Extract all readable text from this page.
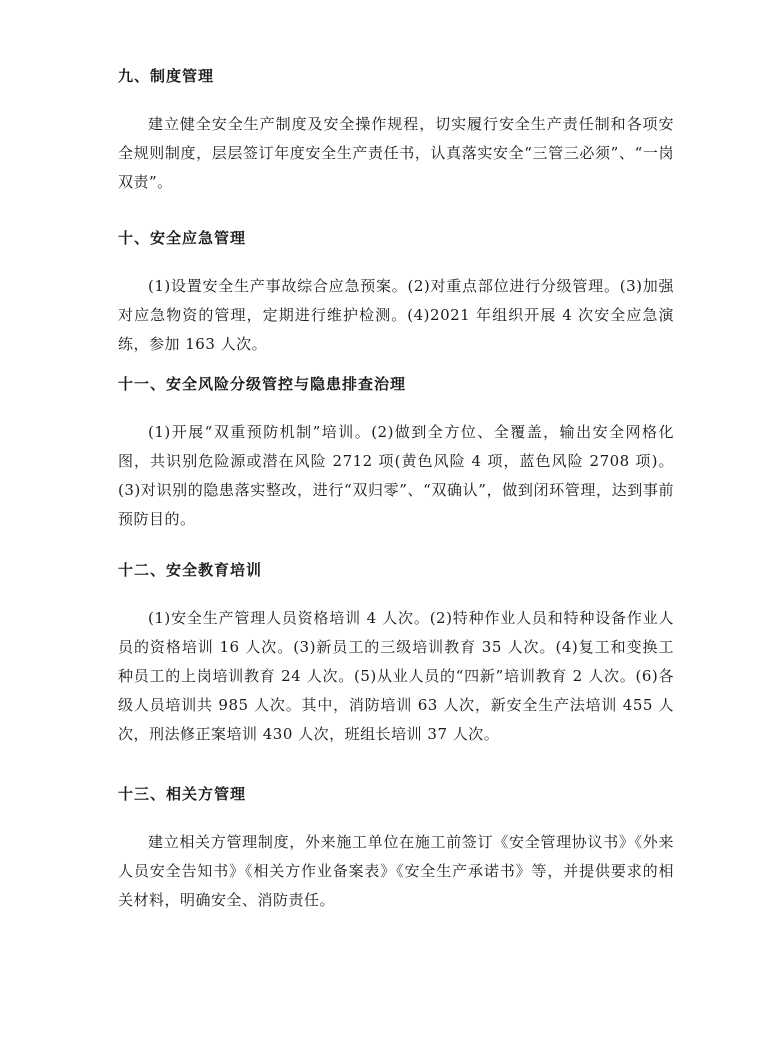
九、制度管理

建立健全安全生产制度及安全操作规程，切实履行安全生产责任制和各项安全规则制度，层层签订年度安全生产责任书，认真落实安全“三管三必须”、“一岗双责”。

十、安全应急管理

(1)设置安全生产事故综合应急预案。(2)对重点部位进行分级管理。(3)加强对应急物资的管理，定期进行维护检测。(4)2021 年组织开展 4 次安全应急演练，参加 163 人次。

十一、安全风险分级管控与隐患排查治理

(1)开展“双重预防机制”培训。(2)做到全方位、全覆盖，输出安全网格化图，共识别危险源或潜在风险 2712 项(黄色风险 4 项，蓝色风险 2708 项)。(3)对识别的隐患落实整改，进行“双归零”、“双确认”，做到闭环管理，达到事前预防目的。

十二、安全教育培训

(1)安全生产管理人员资格培训 4 人次。(2)特种作业人员和特种设备作业人员的资格培训 16 人次。(3)新员工的三级培训教育 35 人次。(4)复工和变换工种员工的上岗培训教育 24 人次。(5)从业人员的“四新”培训教育 2 人次。(6)各级人员培训共 985 人次。其中，消防培训 63 人次，新安全生产法培训 455 人次，刑法修正案培训 430 人次，班组长培训 37 人次。

十三、相关方管理

建立相关方管理制度，外来施工单位在施工前签订《安全管理协议书》《外来人员安全告知书》《相关方作业备案表》《安全生产承诺书》等，并提供要求的相关材料，明确安全、消防责任。
